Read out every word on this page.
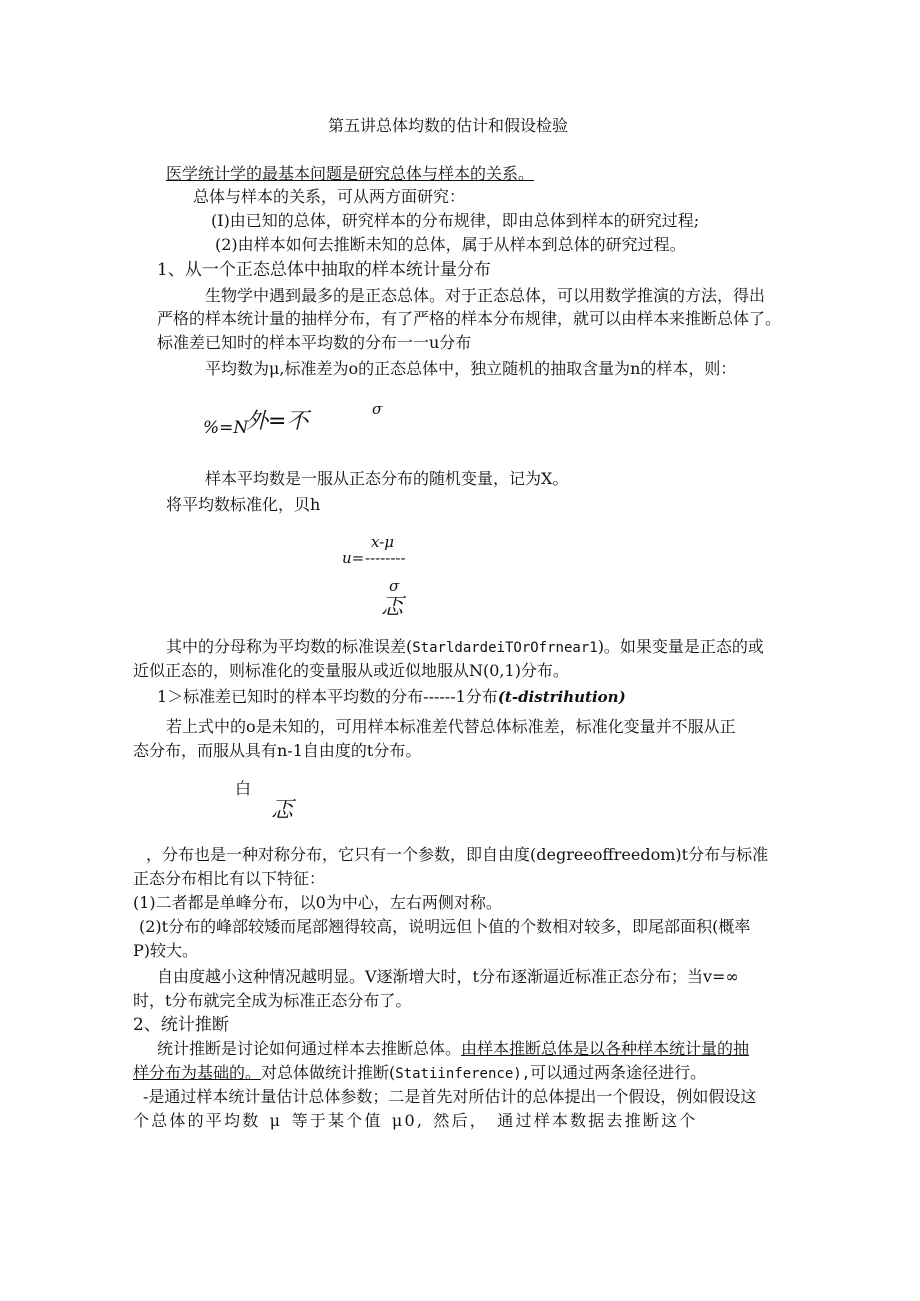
第五讲总体均数的估计和假设检验
医学统计学的最基本问题是研究总体与样本的关系。
总体与样本的关系，可从两方面研究：
(I)由已知的总体，研究样本的分布规律，即由总体到样本的研究过程;
(2)由样本如何去推断未知的总体，属于从样本到总体的研究过程。
1、从一个正态总体中抽取的样本统计量分布
生物学中遇到最多的是正态总体。对于正态总体，可以用数学推演的方法，得出
严格的样本统计量的抽样分布，有了严格的样本分布规律，就可以由样本来推断总体了。
标准差已知时的样本平均数的分布一一u分布
平均数为μ,标准差为o的正态总体中，独立随机的抽取含量为n的样本，则：
σ
%=N
外=不
样本平均数是一服从正态分布的随机变量，记为X。
将平均数标准化，贝h
x-μ
u= --------
σ
忑
其中的分母称为平均数的标准误差(StarldardeiTOrOfrnear1)。如果变量是正态的或
近似正态的，则标准化的变量服从或近似地服从N(0,1)分布。
1＞标准差已知时的样本平均数的分布------1分布(t-distrihution)
若上式中的o是未知的，可用样本标准差代替总体标准差，标准化变量并不服从正
态分布，而服从具有n-1自由度的t分布。
白
忑
，分布也是一种对称分布，它只有一个参数，即自由度(degreeoffreedom)t分布与标准
正态分布相比有以下特征：
(1)二者都是单峰分布，以0为中心，左右两侧对称。
(2)t分布的峰部较矮而尾部翘得较高，说明远但卜值的个数相对较多，即尾部面积(概率
P)较大。
自由度越小这种情况越明显。V逐渐增大时，t分布逐渐逼近标准正态分布；当v=∞
时，t分布就完全成为标准正态分布了。
2、统计推断
统计推断是讨论如何通过样本去推断总体。由样本推断总体是以各种样本统计量的抽
样分布为基础的。对总体做统计推断(Statiinference),可以通过两条途径进行。
-是通过样本统计量估计总体参数；二是首先对所估计的总体提出一个假设，例如假设这
个总体的平均数 μ 等于某个值 μ0, 然后， 通过样本数据去推断这个
